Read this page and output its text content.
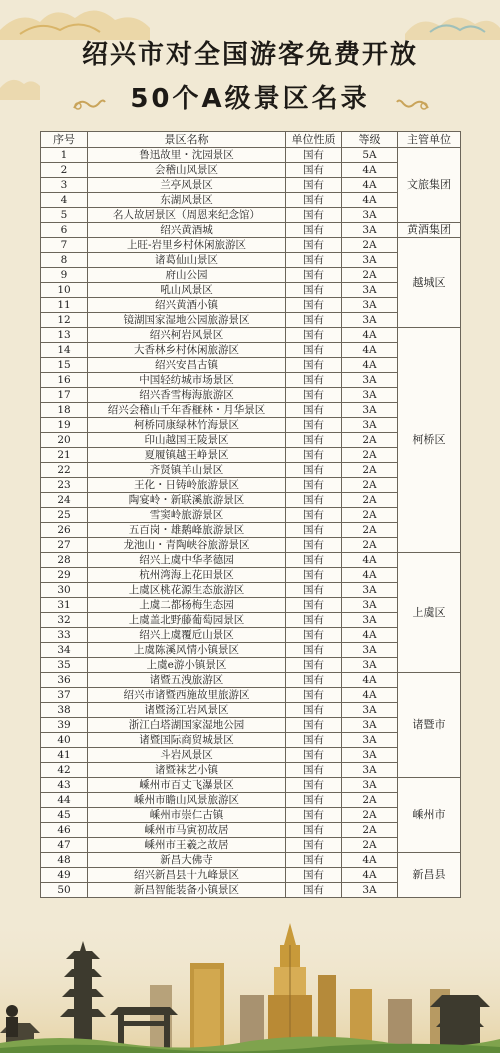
绍兴市对全国游客免费开放
50个A级景区名录
序号	景区名称	单位性质	等级	主管单位
1	鲁迅故里・沈园景区	国有	5A	文旅集团
2	会稽山风景区	国有	4A	
3	兰亭风景区	国有	4A	
4	东湖风景区	国有	4A	
5	名人故居景区（周恩来纪念馆）	国有	3A	
6	绍兴黄酒城	国有	3A	黄酒集团
7	上旺-岩里乡村休闲旅游区	国有	2A	越城区
8	诸葛仙山景区	国有	3A	
9	府山公园	国有	2A	
10	吼山风景区	国有	3A	
11	绍兴黄酒小镇	国有	3A	
12	镜湖国家湿地公园旅游景区	国有	3A	
13	绍兴柯岩风景区	国有	4A	柯桥区
14	大香林乡村休闲旅游区	国有	4A	
15	绍兴安昌古镇	国有	4A	
16	中国轻纺城市场景区	国有	3A	
17	绍兴香雪梅海旅游区	国有	3A	
18	绍兴会稽山千年香榧林・月华景区	国有	3A	
19	柯桥同康绿林竹海景区	国有	3A	
20	印山越国王陵景区	国有	2A	
21	夏履镇越王峥景区	国有	2A	
22	齐贤镇羊山景区	国有	2A	
23	王化・日铸岭旅游景区	国有	2A	
24	陶宴岭・新联溪旅游景区	国有	2A	
25	雪窦岭旅游景区	国有	2A	
26	五百岗・雄鹅峰旅游景区	国有	2A	
27	龙池山・青陶峡谷旅游景区	国有	2A	
28	绍兴上虞中华孝德园	国有	4A	上虞区
29	杭州湾海上花田景区	国有	4A	
30	上虞区桃花源生态旅游区	国有	3A	
31	上虞二都杨梅生态园	国有	3A	
32	上虞盖北野藤葡萄园景区	国有	3A	
33	绍兴上虞覆卮山景区	国有	4A	
34	上虞陈溪风情小镇景区	国有	3A	
35	上虞e游小镇景区	国有	3A	
36	诸暨五洩旅游区	国有	4A	诸暨市
37	绍兴市诸暨西施故里旅游区	国有	4A	
38	诸暨汤江岩风景区	国有	3A	
39	浙江白塔湖国家湿地公园	国有	3A	
40	诸暨国际商贸城景区	国有	3A	
41	斗岩风景区	国有	3A	
42	诸暨袜艺小镇	国有	3A	
43	嵊州市百丈飞瀑景区	国有	3A	嵊州市
44	嵊州市瞻山风景旅游区	国有	2A	
45	嵊州市崇仁古镇	国有	2A	
46	嵊州市马寅初故居	国有	2A	
47	嵊州市王羲之故居	国有	2A	
48	新昌大佛寺	国有	4A	新昌县
49	绍兴新昌县十九峰景区	国有	4A	
50	新昌智能装备小镇景区	国有	3A	
